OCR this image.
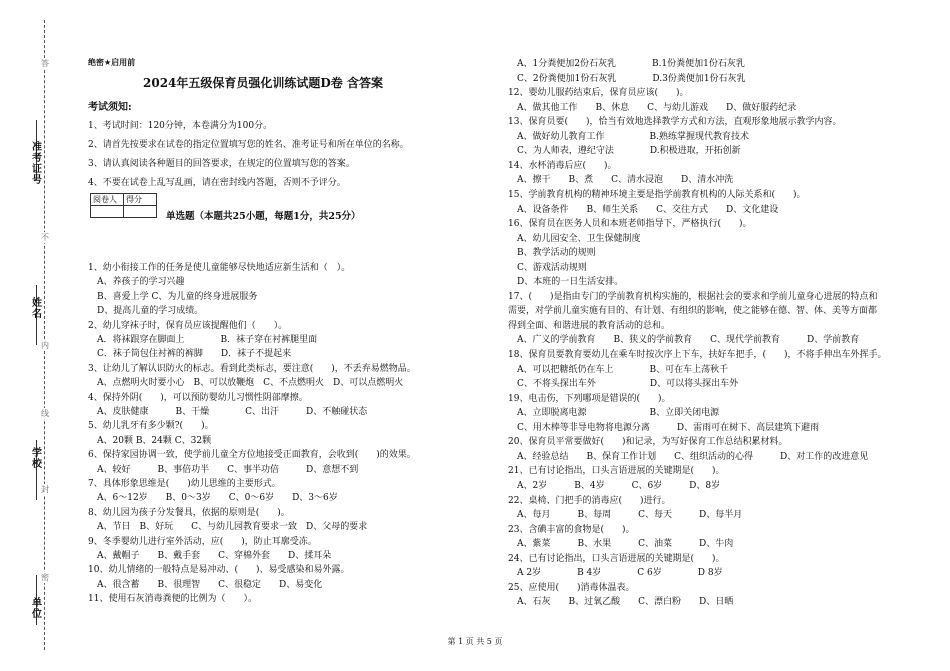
准考证号
姓名
学校
单位
答
不
内
线
封
密
绝密★启用前
2024年五级保育员强化训练试题D卷 含答案
考试须知:
1、考试时间：120分钟，本卷满分为100分。
2、请首先按要求在试卷的指定位置填写您的姓名、准考证号和所在单位的名称。
3、请认真阅读各种题目的回答要求，在规定的位置填写您的答案。
4、不要在试卷上乱写乱画，请在密封线内答题，否则不予评分。
阅卷人	得分

单选题（本题共25小题，每题1分，共25分）
1、幼小衔接工作的任务是使儿童能够尽快地适应新生活和（　）。
　A、养孩子的学习兴趣
　B、喜爱上学 C、为儿童的终身进展服务
　D、提高儿童的学习成绩。
2、幼儿穿袜子时，保育员应该提醒他们（　　）。
　A．将袜跟穿在脚面上　　　　B．袜子穿在衬裤腿里面
　C．袜子筒包住衬裤的裤脚　　D．袜子不提起来
3、让幼儿了解认识防火的标志。看到此类标志，要注意(　　)，不丢弃易燃物品。
　A、点燃明火时要小心　B、可以放鞭炮　C、不点燃明火　D、可以点燃明火
4、保持外阴(　　)，可以预防婴幼儿习惯性阴部摩擦。
　A、皮肤健康　　　B、干燥　　　　C、出汗　　　D、不触碰状态
5、幼儿乳牙有多少颗?(　　)。
　A、20颗 B、24颗 C、32颗
6、保持家园协调一致，使学前儿童全方位地接受正面教育，会收到(　　)的效果。
　A、较好　　　B、事倍功半　　C、事半功倍　　　D、意想不到
7、具体形象思维是(　　)幼儿思维的主要形式。
　A、6～12岁　　B、0～3岁　　C、0～6岁　　D、3～6岁
8、幼儿园为孩子分发餐具，依据的原则是(　　)。
　A、节日　B、好玩　　C、与幼儿园教育要求一致　D、父母的要求
9、冬季婴幼儿进行室外活动，应(　　)，防止耳廓受冻。
　A、戴帽子　　B、戴手套　　C、穿棉外套　　D、揉耳朵
10、幼儿情绪的一般特点是易冲动、(　　)、易受感染和易外露。
　A、很含蓄　　B、很理智　　C、很稳定　　D、易变化
11、使用石灰消毒粪便的比例为（　　）。
　A、1分粪便加2份石灰乳　　　　B.1份粪便加1份石灰乳
　C、2份粪便加1份石灰乳　　　　D.3份粪便加1份石灰乳
12、婴幼儿服药结束后，保育员应该(　　)。
　A、做其他工作　　B、休息　　C、与幼儿游戏　　D、做好服药纪录
13、保育员要(　　)，恰当有效地选择教学方式和方法，直观形象地展示教学内容。
　A、做好幼儿教育工作　　　　　B.熟练掌握现代教育技术
　C、为人师表，遵纪守法　　　　D.积极进取，开拓创新
14、水杯消毒后应(　　)。
　A、擦干　　B、煮　　C、清水浸泡　　D、清水冲洗
15、学前教育机构的精神环境主要是指学前教育机构的人际关系和(　　)。
　A、设备条件　　B、师生关系　　C、交往方式　　D、文化建设
16、保育员在医务人员和本班老师指导下，严格执行(　　)。
　A、幼儿园安全、卫生保健制度
　B、教学活动的规则
　C、游戏活动规则
　D、本班的一日生活安排。
17、(　　)是指由专门的学前教育机构实施的，根据社会的要求和学前儿童身心进展的特点和
需要，对学前儿童实施有目的、有计划、有组织的影响，使之能够在德、智、体、美等方面都
得到全面、和谐进展的教育活动的总和。
　A、广义的学前教育　　B、狭义的学前教育　　C、现代学前教育　　　D、学前教育
18、保育员要教育要幼儿在乘车时按次序上下车，扶好车把手，(　　)，不将手伸出车外挥手。
　A、可以把糖纸仍在车上　　　　B、可在车上荡秋千
　C、不将头探出车外　　　　　　D、可以将头探出车外
19、电击伤，下列哪项是错误的(　　)。
　A、立即脱离电源　　　　　　　B、立即关闭电源
　C、用木棒等非导电物将电源分离　　　D、雷雨可在树下、高层建筑下避雨
20、保育员平常要做好(　　)和记录，为写好保育工作总结积累材料。
　A、经验总结　　B、保育工作计划　　C、组织活动的心得　　　D、对工作的改进意见
21、已有讨论指出，口头言语进展的关键期是(　　)。
　A、2岁　　　B、4岁　　　C、6岁　　　D、8岁
22、桌椅、门把手的消毒应(　　)进行。
　A、每月　　　B、每周　　　C、每天　　　D、每半月
23、含碘丰富的食物是(　　)。
　A、紫菜　　　B、水果　　　C、油菜　　　D、牛肉
24、已有讨论指出，口头言语进展的关键期是(　　)。
　A 2岁　　　　B 4岁　　　　C 6岁　　　　D 8岁
25、应使用(　　)消毒体温表。
　A、石灰　　B、过氧乙酸　　C、漂白粉　　D、日晒
第 1 页 共 5 页
